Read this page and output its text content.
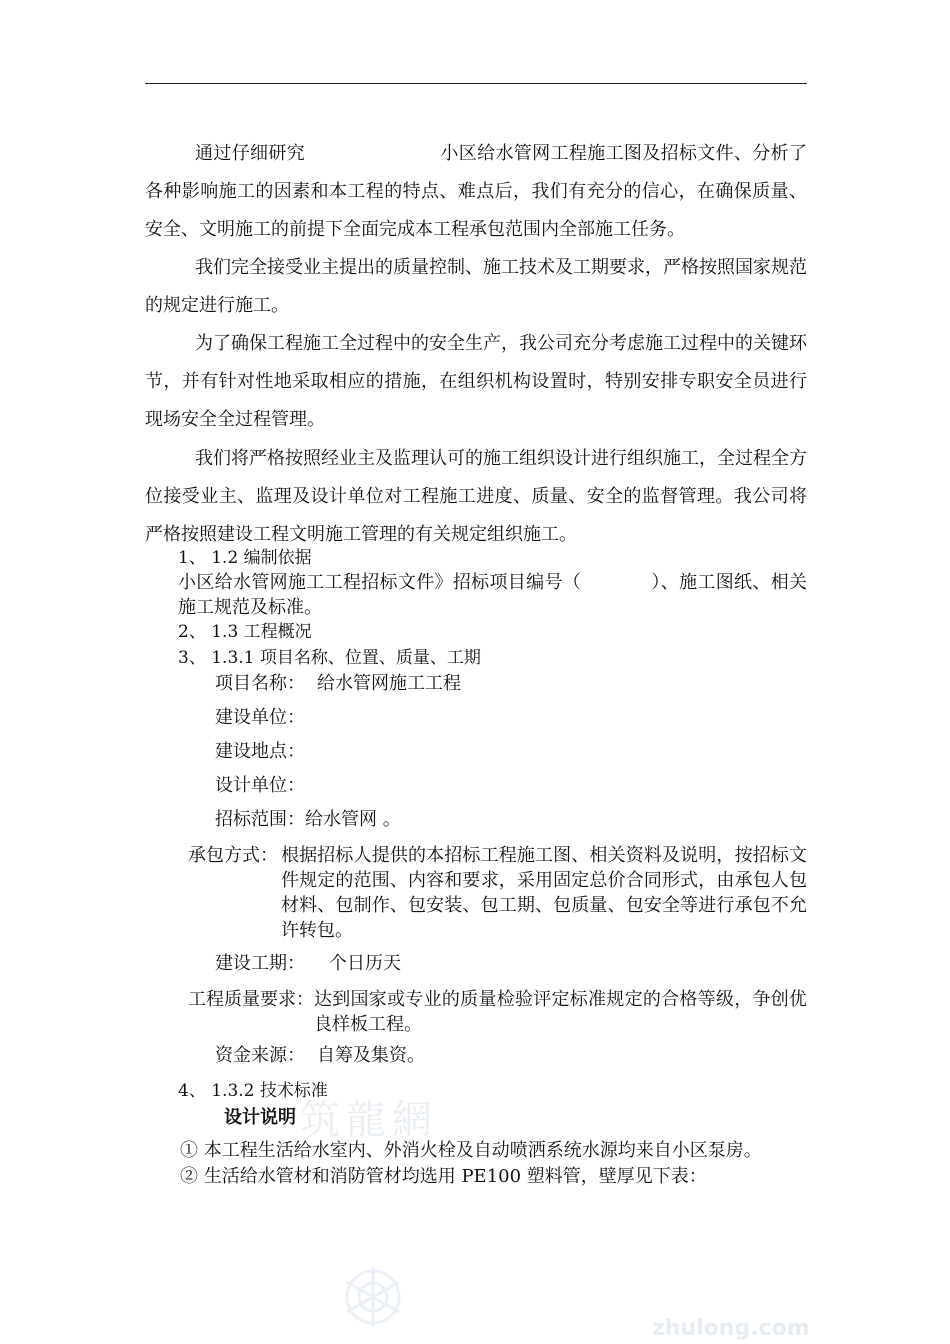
通过仔细研究	小区给水管网工程施工图及招标文件、分析了各种影响施工的因素和本工程的特点、难点后，我们有充分的信心，在确保质量、安全、文明施工的前提下全面完成本工程承包范围内全部施工任务。
我们完全接受业主提出的质量控制、施工技术及工期要求，严格按照国家规范的规定进行施工。
为了确保工程施工全过程中的安全生产，我公司充分考虑施工过程中的关键环节，并有针对性地采取相应的措施，在组织机构设置时，特别安排专职安全员进行现场安全全过程管理。
我们将严格按照经业主及监理认可的施工组织设计进行组织施工，全过程全方位接受业主、监理及设计单位对工程施工进度、质量、安全的监督管理。我公司将严格按照建设工程文明施工管理的有关规定组织施工。
1、 1.2 编制依据
小区给水管网施工工程招标文件》招标项目编号（	）、施工图纸、相关施工规范及标准。
2、 1.3 工程概况
3、 1.3.1 项目名称、位置、质量、工期
项目名称： 给水管网施工工程
建设单位：
建设地点：
设计单位：
招标范围：给水管网 。
承包方式： 根据招标人提供的本招标工程施工图、相关资料及说明，按招标文件规定的范围、内容和要求，采用固定总价合同形式，由承包人包材料、包制作、包安装、包工期、包质量、包安全等进行承包不允许转包。
建设工期： 个日历天
工程质量要求： 达到国家或专业的质量检验评定标准规定的合格等级，争创优良样板工程。
资金来源： 自筹及集资。
4、 1.3.2 技术标准
筑龍網
设计说明
① 本工程生活给水室内、外消火栓及自动喷洒系统水源均来自小区泵房。
② 生活给水管材和消防管材均选用 PE100 塑料管，壁厚见下表：
zhulong.com
